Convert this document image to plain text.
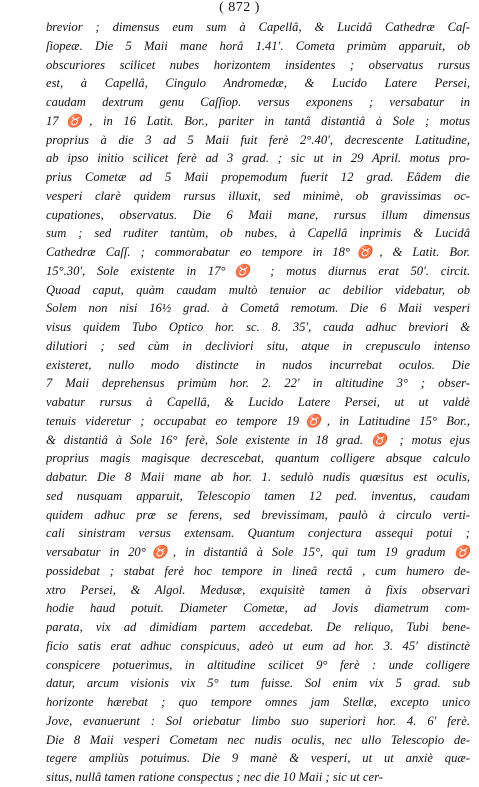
( 872 )
brevior ; dimensus eum sum à Capellâ, & Lucidâ Cathedræ Caſ-
ſiopeæ. Die 5 Maii mane horâ 1.41'. Cometa primùm apparuit, ob
obscuriores scilicet nubes horizontem insidentes ; observatus rursus
est, à Capellâ, Cingulo Andromedæ, & Lucido Latere Persei,
caudam dextrum genu Caſſiop. versus exponens ; versabatur in
17♉, in 16 Latit. Bor., pariter in tantâ distantiâ à Sole ; motus
proprius à die 3 ad 5 Maii fuit ferè 2°.40', decrescente Latitudine,
ab ipso initio scilicet ferè ad 3 grad. ; sic ut in 29 April. motus pro-
prius Cometæ ad 5 Maii propemodum fuerit 12 grad. Eâdem die
vesperi clarè quidem rursus illuxit, sed minimè, ob gravissimas oc-
cupationes, observatus. Die 6 Maii mane, rursus illum dimensus
sum ; sed ruditer tantùm, ob nubes, à Capellâ inprimis & Lucidâ
Cathedræ Caſſ. ; commorabatur eo tempore in 18°♉, & Latit. Bor.
15°.30', Sole existente in 17°♉ ; motus diurnus erat 50'. circit.
Quoad caput, quàm caudam multò tenuior ac debilior videbatur, ob
Solem non nisi 16½ grad. à Cometâ remotum. Die 6 Maii vesperi
visus quidem Tubo Optico hor. sc. 8. 35', cauda adhuc breviori &
dilutiori ; sed cùm in decliviori situ, atque in crepusculo intenso
existeret, nullo modo distincte in nudos incurrebat oculos. Die
7 Maii deprehensus primùm hor. 2. 22' in altitudine 3° ; obser-
vabatur rursus à Capellâ, & Lucido Latere Persei, ut ut valdè
tenuis videretur ; occupabat eo tempore 19♉, in Latitudine 15° Bor.,
& distantiâ à Sole 16° ferè, Sole existente in 18 grad. ♉ ; motus ejus
proprius magis magisque decrescebat, quantum colligere absque calculo
dabatur. Die 8 Maii mane ab hor. 1. sedulò nudis quæsitus est oculis,
sed nusquam apparuit, Telescopio tamen 12 ped. inventus, caudam
quidem adhuc præ se ferens, sed brevissimam, paulò à circulo verti-
cali sinistram versus extensam. Quantum conjectura assequi potui ;
versabatur in 20°♉, in distantiâ à Sole 15°, qui tum 19 gradum ♉
possidebat ; stabat ferè hoc tempore in lineâ rectâ , cum humero de-
xtro Persei, & Algol. Medusæ, exquisitè tamen à fixis observari
hodie haud potuit. Diameter Cometæ, ad Jovis diametrum com-
parata, vix ad dimidiam partem accedebat. De reliquo, Tubi bene-
ficio satis erat adhuc conspicuus, adeò ut eum ad hor. 3. 45' distinctè
conspicere potuerimus, in altitudine scilicet 9° ferè : unde colligere
datur, arcum visionis vix 5° tum fuisse. Sol enim vix 5 grad. sub
horizonte hærebat ; quo tempore omnes jam Stellæ, excepto unico
Jove, evanuerunt : Sol oriebatur limbo suo superiori hor. 4. 6' ferè.
Die 8 Maii vesperi Cometam nec nudis oculis, nec ullo Telescopio de-
tegere ampliùs potuimus. Die 9 manè & vesperi, ut ut anxiè quæ-
situs, nullâ tamen ratione conspectus ; nec die 10 Maii ; sic ut cer-
